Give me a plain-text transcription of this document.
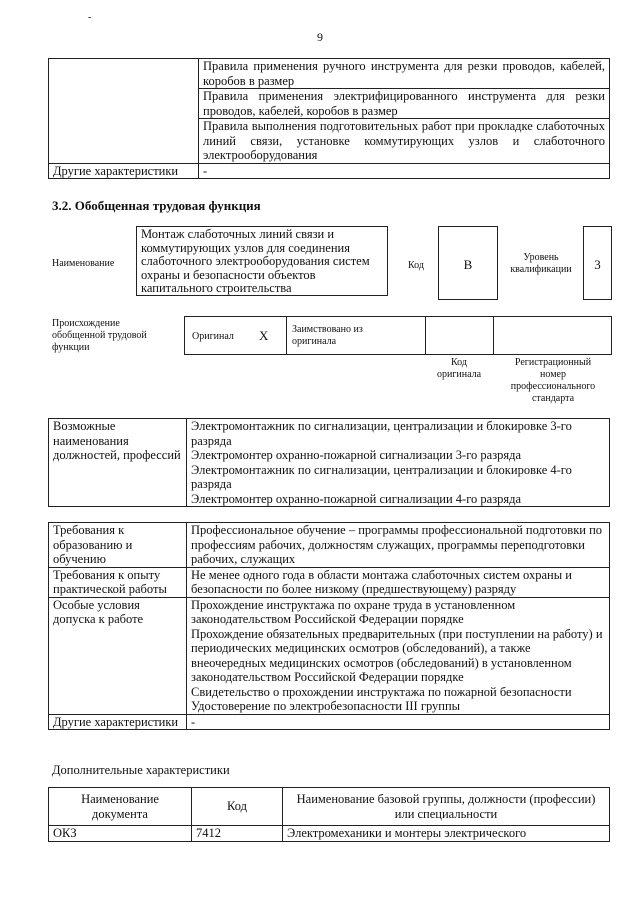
9
-
	Правила применения ручного инструмента для резки проводов, кабелей, коробов в размер
	Правила применения электрифицированного инструмента для резки проводов, кабелей, коробов в размер
	Правила выполнения подготовительных работ при прокладке слаботочных линий связи, установке коммутирующих узлов и слаботочного электрооборудования
Другие характеристики	-
3.2. Обобщенная трудовая функция
Наименование
Монтаж слаботочных линий связи и коммутирующих узлов для соединения слаботочного электрооборудования систем охраны и безопасности объектов капитального строительства
Код	B	Уровень квалификации	3
Происхождение обобщенной трудовой функции
Оригинал X Заимствовано из оригинала
Код оригинала
Регистрационный номер профессионального стандарта
Возможные наименования должностей, профессий	
Электромонтажник по сигнализации, централизации и блокировке 3-го разряда
Электромонтер охранно-пожарной сигнализации 3-го разряда
Электромонтажник по сигнализации, централизации и блокировке 4-го разряда
Электромонтер охранно-пожарной сигнализации 4-го разряда
Требования к образованию и обучению	Профессиональное обучение – программы профессиональной подготовки по профессиям рабочих, должностям служащих, программы переподготовки рабочих, служащих
Требования к опыту практической работы	Не менее одного года в области монтажа слаботочных систем охраны и безопасности по более низкому (предшествующему) разряду
Особые условия допуска к работе	Прохождение инструктажа по охране труда в установленном законодательством Российской Федерации порядке
Прохождение обязательных предварительных (при поступлении на работу) и периодических медицинских осмотров (обследований), а также внеочередных медицинских осмотров (обследований) в установленном законодательством Российской Федерации порядке
Свидетельство о прохождении инструктажа по пожарной безопасности
Удостоверение по электробезопасности III группы

Другие характеристики	-
Дополнительные характеристики
Наименование документа	Код	Наименование базовой группы, должности (профессии) или специальности
ОКЗ	7412	Электромеханики и монтеры электрического
